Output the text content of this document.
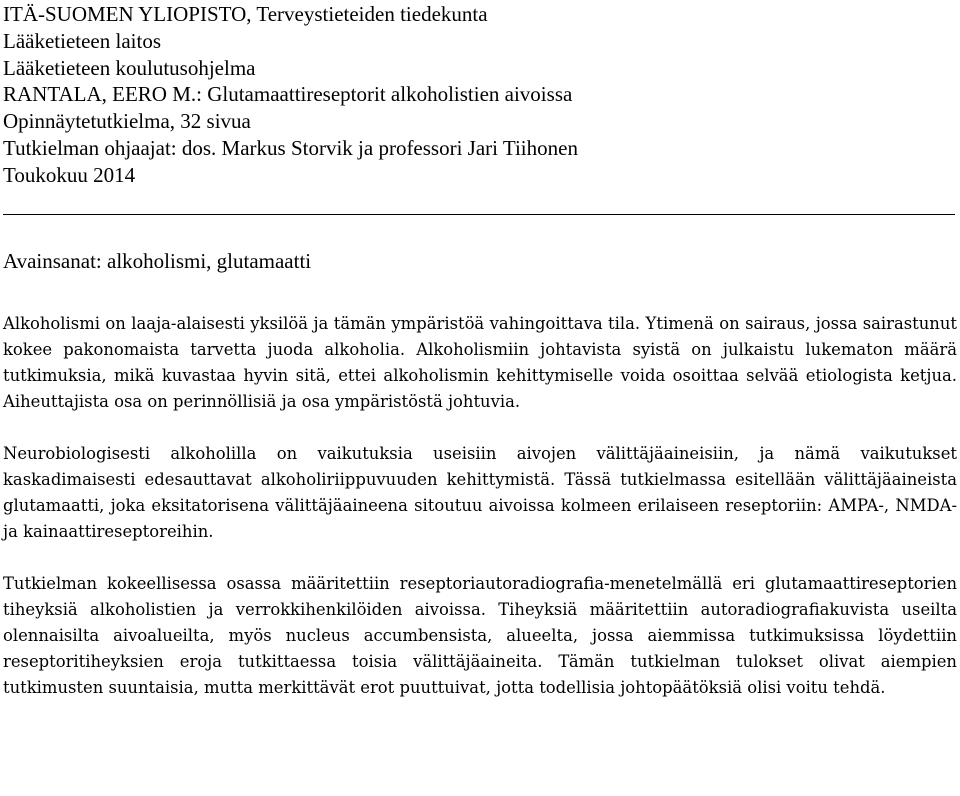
ITÄ-SUOMEN YLIOPISTO, Terveystieteiden tiedekunta
Lääketieteen laitos
Lääketieteen koulutusohjelma
RANTALA, EERO M.: Glutamaattireseptorit alkoholistien aivoissa
Opinnäytetutkielma, 32 sivua
Tutkielman ohjaajat: dos. Markus Storvik ja professori Jari Tiihonen
Toukokuu 2014
Avainsanat: alkoholismi, glutamaatti

Alkoholismi on laaja-alaisesti yksilöä ja tämän ympäristöä vahingoittava tila. Ytimenä on sairaus, jossa sairastunut kokee pakonomaista tarvetta juoda alkoholia. Alkoholismiin johtavista syistä on julkaistu lukematon määrä tutkimuksia, mikä kuvastaa hyvin sitä, ettei alkoholismin kehittymiselle voida osoittaa selvää etiologista ketjua. Aiheuttajista osa on perinnöllisiä ja osa ympäristöstä johtuvia.

Neurobiologisesti alkoholilla on vaikutuksia useisiin aivojen välittäjäaineisiin, ja nämä vaikutukset kaskadimaisesti edesauttavat alkoholiriippuvuuden kehittymistä. Tässä tutkielmassa esitellään välittäjäaineista glutamaatti, joka eksitatorisena välittäjäaineena sitoutuu aivoissa kolmeen erilaiseen reseptoriin: AMPA-, NMDA- ja kainaattireseptoreihin.

Tutkielman kokeellisessa osassa määritettiin reseptoriautoradiografia-menetelmällä eri glutamaattireseptorien tiheyksiä alkoholistien ja verrokkihenkilöiden aivoissa. Tiheyksiä määritettiin autoradiografiakuvista useilta olennaisilta aivoalueilta, myös nucleus accumbensista, alueelta, jossa aiemmissa tutkimuksissa löydettiin reseptoritiheyksien eroja tutkittaessa toisia välittäjäaineita. Tämän tutkielman tulokset olivat aiempien tutkimusten suuntaisia, mutta merkittävät erot puuttuivat, jotta todellisia johtopäätöksiä olisi voitu tehdä.
